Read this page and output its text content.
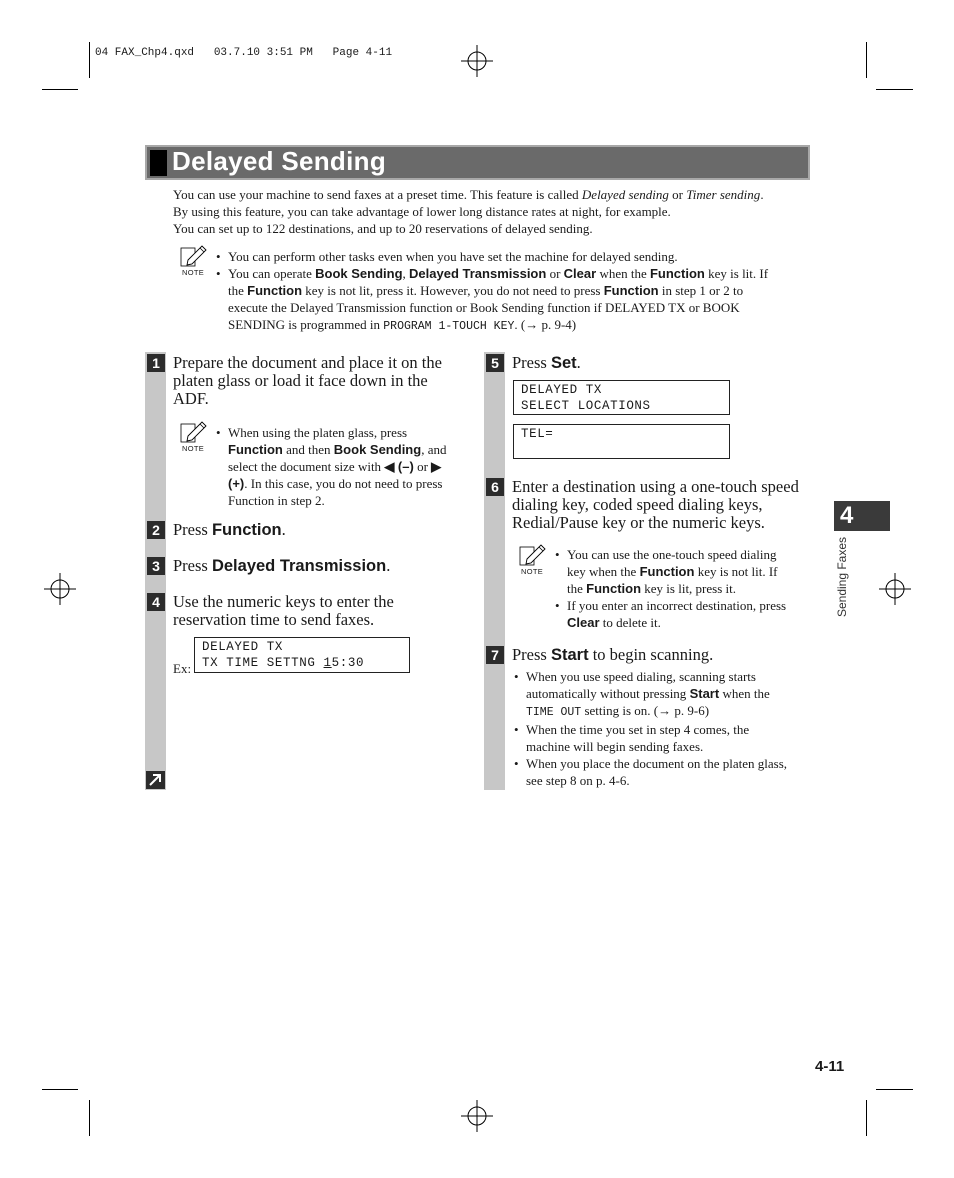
04 FAX_Chp4.qxd   03.7.10 3:51 PM   Page 4-11
Delayed Sending
You can use your machine to send faxes at a preset time. This feature is called Delayed sending or Timer sending.
By using this feature, you can take advantage of lower long distance rates at night, for example.
You can set up to 122 destinations, and up to 20 reservations of delayed sending.
NOTE
• You can perform other tasks even when you have set the machine for delayed sending.
• You can operate Book Sending, Delayed Transmission or Clear when the Function key is lit. If
the Function key is not lit, press it. However, you do not need to press Function in step 1 or 2 to
execute the Delayed Transmission function or Book Sending function if DELAYED TX or BOOK
SENDING is programmed in PROGRAM 1-TOUCH KEY. (→ p. 9-4)
1 Prepare the document and place it on the
platen glass or load it face down in the
ADF.
NOTE
• When using the platen glass, press
Function and then Book Sending, and
select the document size with ◀ (–) or ▶
(+). In this case, you do not need to press
Function in step 2.
2 Press Function.
3 Press Delayed Transmission.
4 Use the numeric keys to enter the
reservation time to send faxes.
Ex:
DELAYED TX
TX TIME SETTNG 15:30
5 Press Set.
DELAYED TX
SELECT LOCATIONS
TEL=
6 Enter a destination using a one-touch speed
dialing key, coded speed dialing keys,
Redial/Pause key or the numeric keys.
NOTE
• You can use the one-touch speed dialing
key when the Function key is not lit. If
the Function key is lit, press it.
• If you enter an incorrect destination, press
Clear to delete it.
7 Press Start to begin scanning.
• When you use speed dialing, scanning starts
automatically without pressing Start when the
TIME OUT setting is on. (→ p. 9-6)
• When the time you set in step 4 comes, the
machine will begin sending faxes.
• When you place the document on the platen glass,
see step 8 on p. 4-6.
4
Sending Faxes
4-11
